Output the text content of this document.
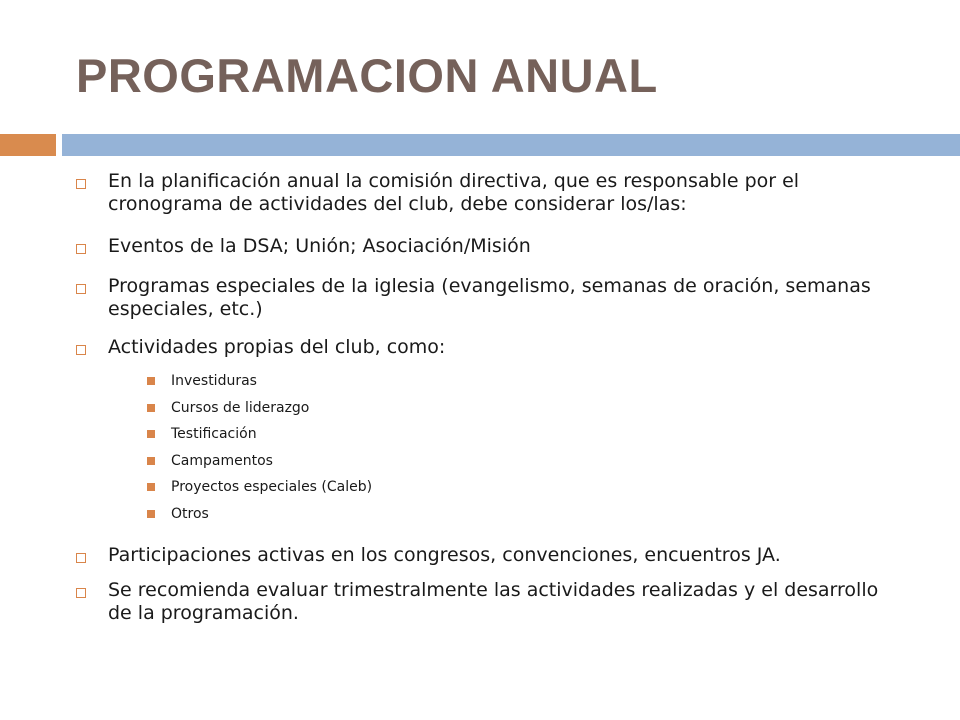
PROGRAMACION ANUAL
En la planificación anual la comisión directiva, que es responsable por el cronograma de actividades del club, debe considerar los/las:
Eventos de la DSA; Unión; Asociación/Misión
Programas especiales de la iglesia (evangelismo, semanas de oración, semanas especiales, etc.)
Actividades propias del club, como:
Investiduras
Cursos de liderazgo
Testificación
Campamentos
Proyectos especiales (Caleb)
Otros
Participaciones activas en los congresos, convenciones, encuentros JA.
Se recomienda evaluar trimestralmente las actividades realizadas y el desarrollo de la programación.
